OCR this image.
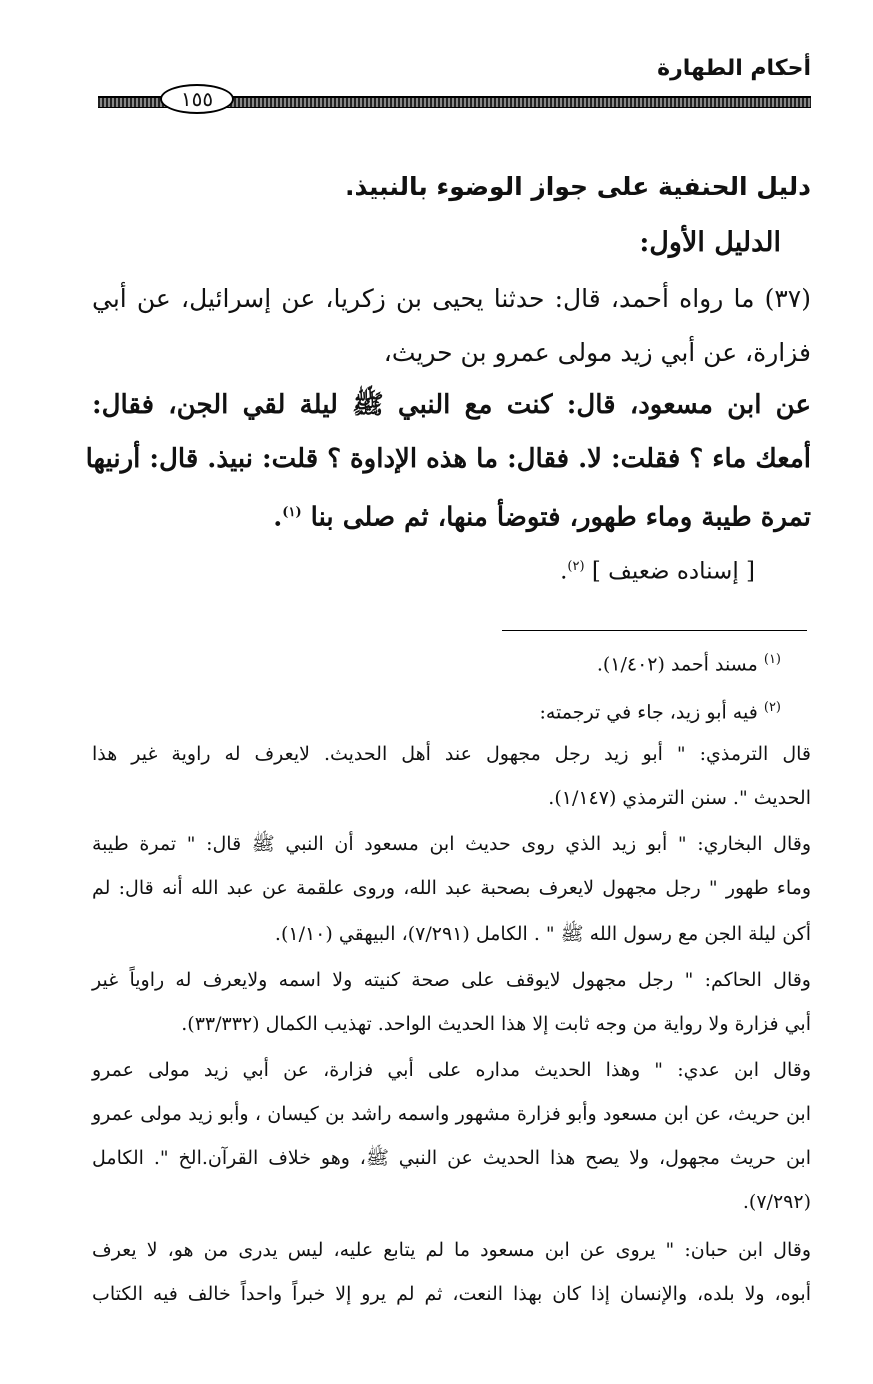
أحكام الطهارة
١٥٥
دليل الحنفية على جواز الوضوء بالنبيذ.
الدليل الأول:
(٣٧) ما رواه أحمد، قال: حدثنا يحيى بن زكريا، عن إسرائيل، عن أبي
فزارة، عن أبي زيد مولى عمرو بن حريث،
عن ابن مسعود، قال: كنت مع النبي ﷺ ليلة لقي الجن، فقال:
أمعك ماء ؟ فقلت: لا. فقال: ما هذه الإداوة ؟ قلت: نبيذ. قال: أرنيها
تمرة طيبة وماء طهور، فتوضأ منها، ثم صلى بنا $^{(١)}$.
[ إسناده ضعيف ] $^{(٢)}$.
$^{(١)}$ مسند أحمد (١/٤٠٢).
$^{(٢)}$ فيه أبو زيد، جاء في ترجمته:
قال الترمذي: " أبو زيد رجل مجهول عند أهل الحديث. لايعرف له راوية غير هذا
الحديث ". سنن الترمذي (١/١٤٧).
وقال البخاري: " أبو زيد الذي روى حديث ابن مسعود أن النبي ﷺ قال: " تمرة طيبة
وماء طهور " رجل مجهول لايعرف بصحبة عبد الله، وروى علقمة عن عبد الله أنه قال: لم
أكن ليلة الجن مع رسول الله ﷺ " . الكامل (٧/٢٩١)، البيهقي (١/١٠).
وقال الحاكم: " رجل مجهول لايوقف على صحة كنيته ولا اسمه ولايعرف له راوياً غير
أبي فزارة ولا رواية من وجه ثابت إلا هذا الحديث الواحد. تهذيب الكمال (٣٣/٣٣٢).
وقال ابن عدي: " وهذا الحديث مداره على أبي فزارة، عن أبي زيد مولى عمرو
ابن حريث، عن ابن مسعود وأبو فزارة مشهور واسمه راشد بن كيسان ، وأبو زيد مولى عمرو
ابن حريث مجهول، ولا يصح هذا الحديث عن النبي ﷺ، وهو خلاف القرآن.الخ ". الكامل
(٧/٢٩٢).
وقال ابن حبان: " يروى عن ابن مسعود ما لم يتابع عليه، ليس يدرى من هو، لا يعرف
أبوه، ولا بلده، والإنسان إذا كان بهذا النعت، ثم لم يرو إلا خبراً واحداً خالف فيه الكتاب
